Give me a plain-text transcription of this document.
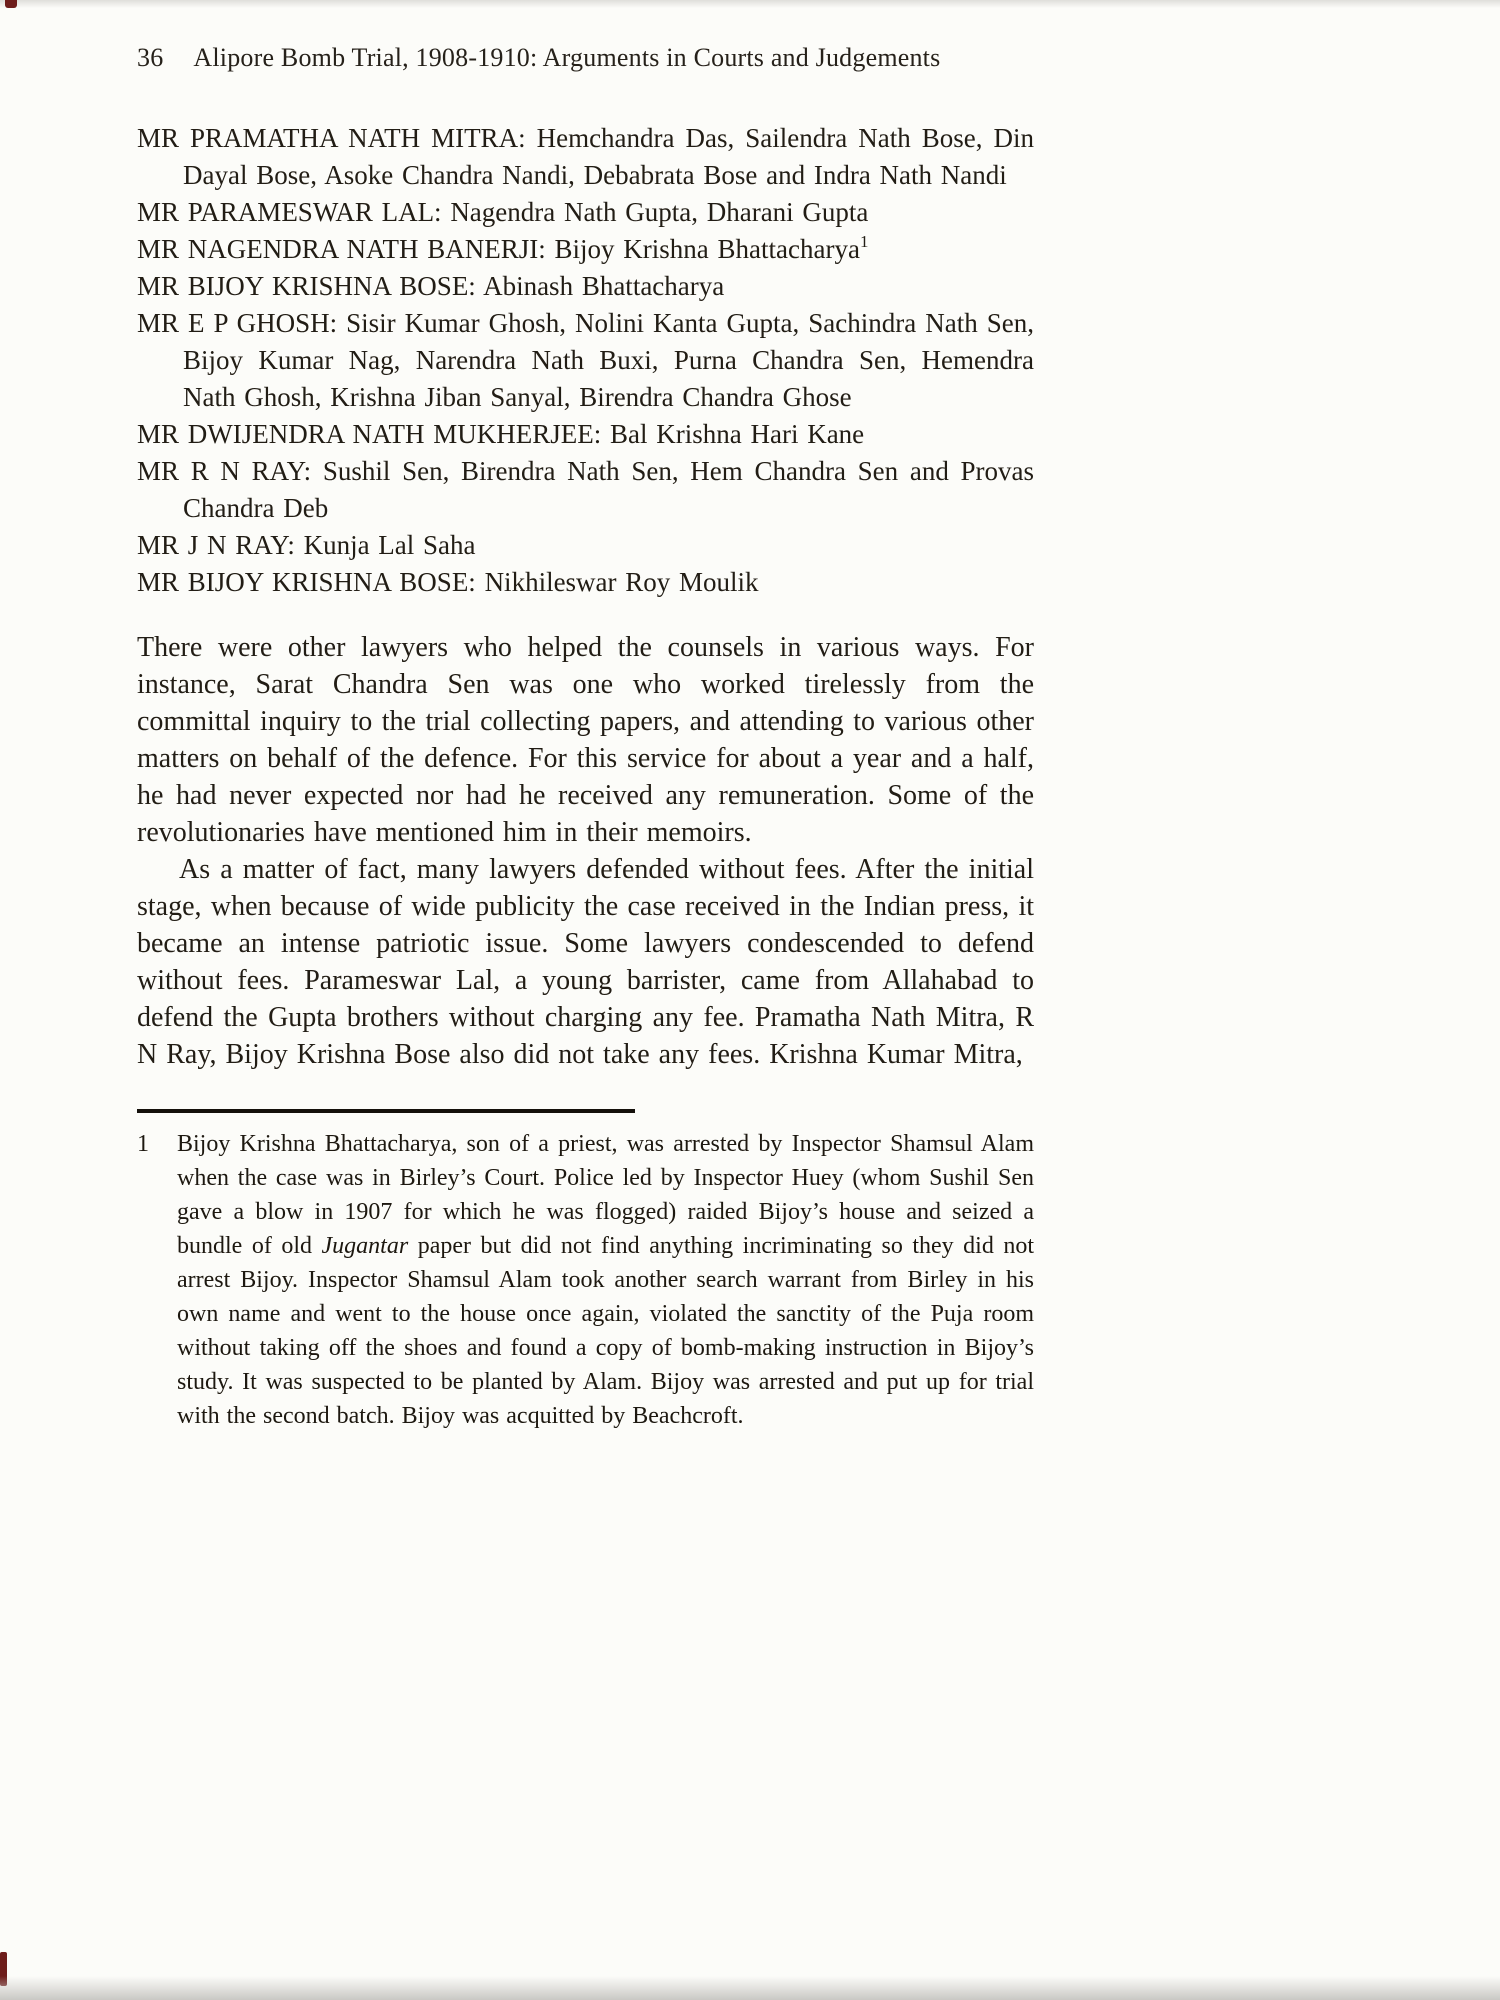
36 Alipore Bomb Trial, 1908-1910: Arguments in Courts and Judgements

MR PRAMATHA NATH MITRA: Hemchandra Das, Sailendra Nath Bose, Din Dayal Bose, Asoke Chandra Nandi, Debabrata Bose and Indra Nath Nandi

MR PARAMESWAR LAL: Nagendra Nath Gupta, Dharani Gupta

MR NAGENDRA NATH BANERJI: Bijoy Krishna Bhattacharya$^1$

MR BIJOY KRISHNA BOSE: Abinash Bhattacharya

MR E P GHOSH: Sisir Kumar Ghosh, Nolini Kanta Gupta, Sachindra Nath Sen, Bijoy Kumar Nag, Narendra Nath Buxi, Purna Chandra Sen, Hemendra Nath Ghosh, Krishna Jiban Sanyal, Birendra Chandra Ghose

MR DWIJENDRA NATH MUKHERJEE: Bal Krishna Hari Kane

MR R N RAY: Sushil Sen, Birendra Nath Sen, Hem Chandra Sen and Provas Chandra Deb

MR J N RAY: Kunja Lal Saha

MR BIJOY KRISHNA BOSE: Nikhileswar Roy Moulik

There were other lawyers who helped the counsels in various ways. For instance, Sarat Chandra Sen was one who worked tirelessly from the committal inquiry to the trial collecting papers, and attending to various other matters on behalf of the defence. For this service for about a year and a half, he had never expected nor had he received any remuneration. Some of the revolutionaries have mentioned him in their memoirs.

As a matter of fact, many lawyers defended without fees. After the initial stage, when because of wide publicity the case received in the Indian press, it became an intense patriotic issue. Some lawyers condescended to defend without fees. Parameswar Lal, a young barrister, came from Allahabad to defend the Gupta brothers without charging any fee. Pramatha Nath Mitra, R N Ray, Bijoy Krishna Bose also did not take any fees. Krishna Kumar Mitra,

1 Bijoy Krishna Bhattacharya, son of a priest, was arrested by Inspector Shamsul Alam when the case was in Birley’s Court. Police led by Inspector Huey (whom Sushil Sen gave a blow in 1907 for which he was flogged) raided Bijoy’s house and seized a bundle of old Jugantar paper but did not find anything incriminating so they did not arrest Bijoy. Inspector Shamsul Alam took another search warrant from Birley in his own name and went to the house once again, violated the sanctity of the Puja room without taking off the shoes and found a copy of bomb-making instruction in Bijoy’s study. It was suspected to be planted by Alam. Bijoy was arrested and put up for trial with the second batch. Bijoy was acquitted by Beachcroft.
